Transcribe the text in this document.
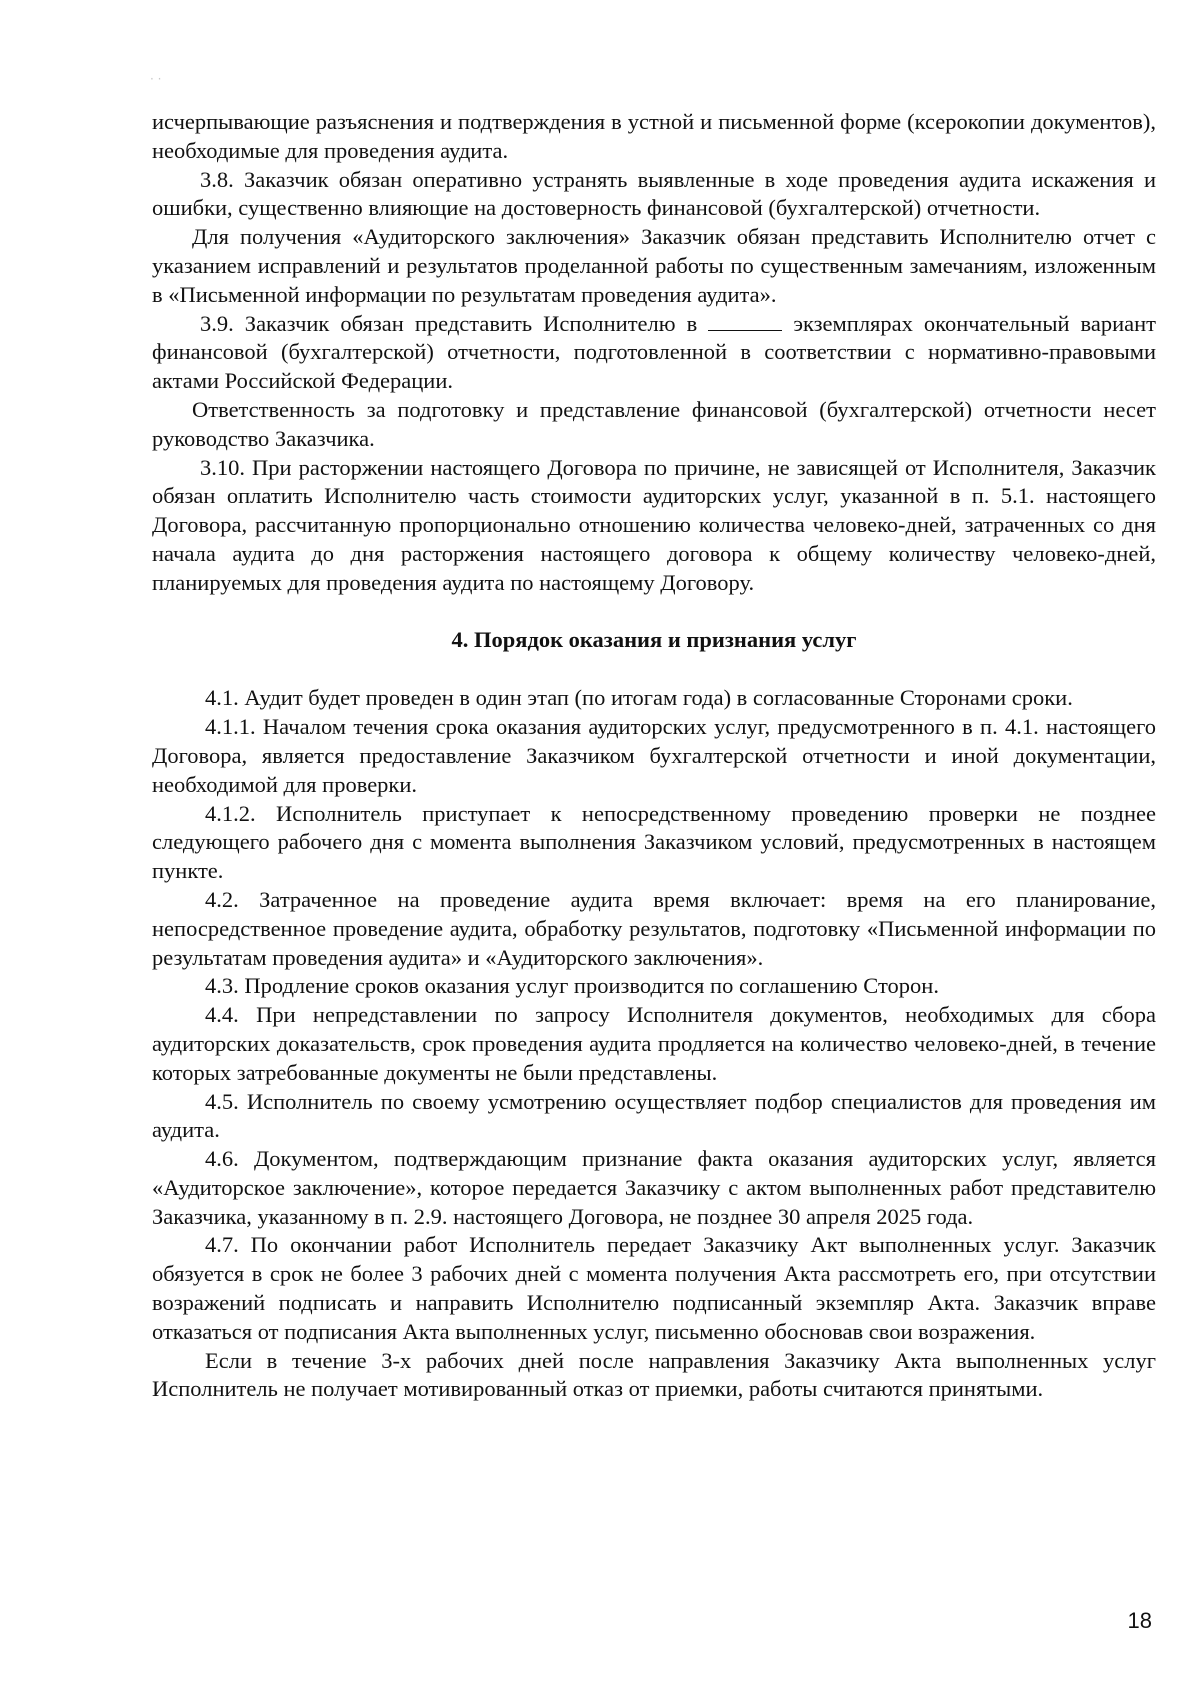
· ·

исчерпывающие разъяснения и подтверждения в устной и письменной форме (ксерокопии документов), необходимые для проведения аудита.

3.8. Заказчик обязан оперативно устранять выявленные в ходе проведения аудита искажения и ошибки, существенно влияющие на достоверность финансовой (бухгалтерской) отчетности.

Для получения «Аудиторского заключения» Заказчик обязан представить Исполнителю отчет с указанием исправлений и результатов проделанной работы по существенным замечаниям, изложенным в «Письменной информации по результатам проведения аудита».

3.9. Заказчик обязан представить Исполнителю в	экземплярах окончательный вариант финансовой (бухгалтерской) отчетности, подготовленной в соответствии с нормативно-правовыми актами Российской Федерации.

Ответственность за подготовку и представление финансовой (бухгалтерской) отчетности несет руководство Заказчика.

3.10. При расторжении настоящего Договора по причине, не зависящей от Исполнителя, Заказчик обязан оплатить Исполнителю часть стоимости аудиторских услуг, указанной в п. 5.1. настоящего Договора, рассчитанную пропорционально отношению количества человеко-дней, затраченных со дня начала аудита до дня расторжения настоящего договора к общему количеству человеко-дней, планируемых для проведения аудита по настоящему Договору.

4. Порядок оказания и признания услуг

4.1. Аудит будет проведен в один этап (по итогам года) в согласованные Сторонами сроки.

4.1.1. Началом течения срока оказания аудиторских услуг, предусмотренного в п. 4.1. настоящего Договора, является предоставление Заказчиком бухгалтерской отчетности и иной документации, необходимой для проверки.

4.1.2. Исполнитель приступает к непосредственному проведению проверки не позднее следующего рабочего дня с момента выполнения Заказчиком условий, предусмотренных в настоящем пункте.

4.2. Затраченное на проведение аудита время включает: время на его планирование, непосредственное проведение аудита, обработку результатов, подготовку «Письменной информации по результатам проведения аудита» и «Аудиторского заключения».

4.3. Продление сроков оказания услуг производится по соглашению Сторон.

4.4. При непредставлении по запросу Исполнителя документов, необходимых для сбора аудиторских доказательств, срок проведения аудита продляется на количество человеко-дней, в течение которых затребованные документы не были представлены.

4.5. Исполнитель по своему усмотрению осуществляет подбор специалистов для проведения им аудита.

4.6. Документом, подтверждающим признание факта оказания аудиторских услуг, является «Аудиторское заключение», которое передается Заказчику с актом выполненных работ представителю Заказчика, указанному в п. 2.9. настоящего Договора, не позднее 30 апреля 2025 года.

4.7. По окончании работ Исполнитель передает Заказчику Акт выполненных услуг. Заказчик обязуется в срок не более 3 рабочих дней с момента получения Акта рассмотреть его, при отсутствии возражений подписать и направить Исполнителю подписанный экземпляр Акта. Заказчик вправе отказаться от подписания Акта выполненных услуг, письменно обосновав свои возражения.

Если в течение 3-х рабочих дней после направления Заказчику Акта выполненных услуг Исполнитель не получает мотивированный отказ от приемки, работы считаются принятыми.

18
